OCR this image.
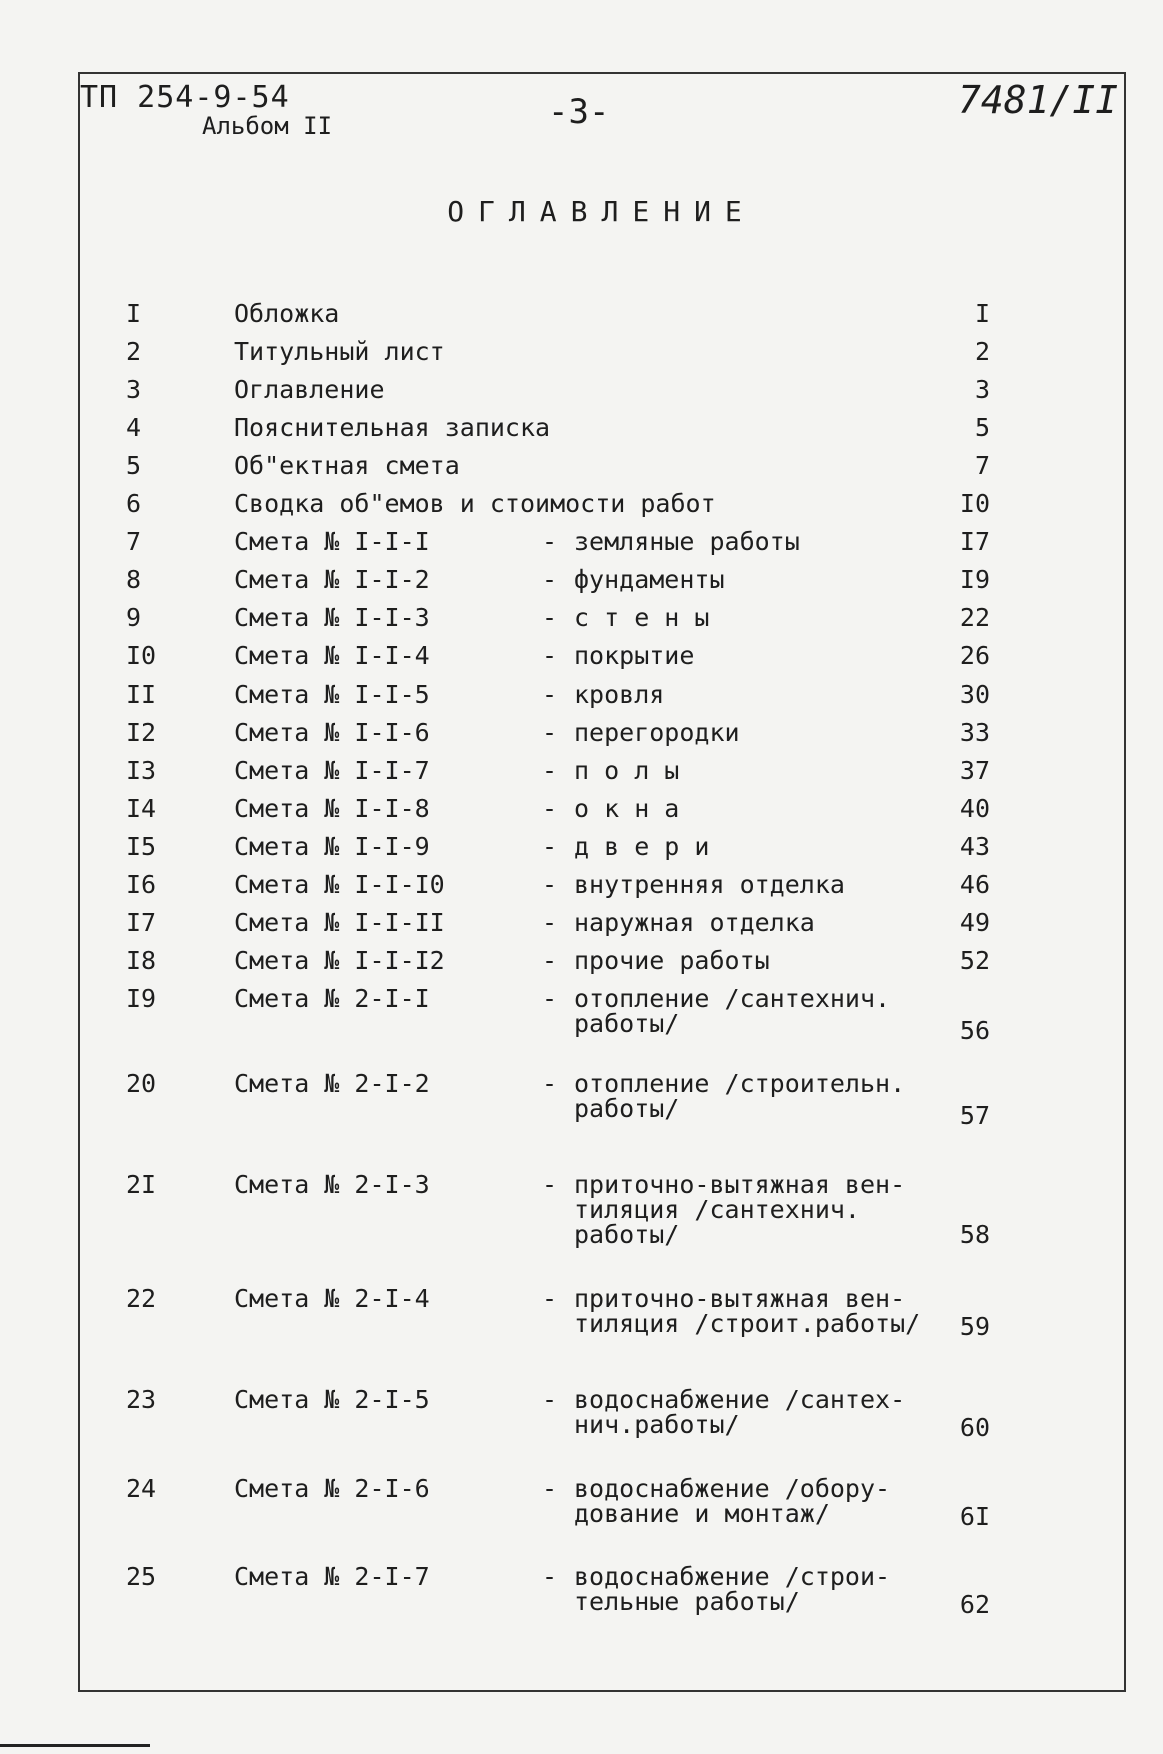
ТП 254-9-54
Альбом II	-3-	7481/II
ОГЛАВЛЕНИЕ
I	Обложка	I
2	Титульный лист	2
3	Оглавление	3
4	Пояснительная записка	5
5	Об"ектная смета	7
6	Сводка об"емов и стоимости работ	I0
7	Смета № I-I-I	- земляные работы	I7
8	Смета № I-I-2	- фундаменты	I9
9	Смета № I-I-3	- с т е н ы	22
I0	Смета № I-I-4	- покрытие	26
II	Смета № I-I-5	- кровля	30
I2	Смета № I-I-6	- перегородки	33
I3	Смета № I-I-7	- п о л ы	37
I4	Смета № I-I-8	- о к н а	40
I5	Смета № I-I-9	- д в е р и	43
I6	Смета № I-I-I0	- внутренняя отделка	46
I7	Смета № I-I-II	- наружная отделка	49
I8	Смета № I-I-I2	- прочие работы	52
I9	Смета № 2-I-I	- отопление /сантехнич.
работы/	56
20	Смета № 2-I-2	- отопление /строительн.
работы/	57
2I	Смета № 2-I-3	- приточно-вытяжная вен-
тиляция /сантехнич.
работы/	58
22	Смета № 2-I-4	- приточно-вытяжная вен-
тиляция /строит.работы/	59
23	Смета № 2-I-5	- водоснабжение /сантех-
нич.работы/	60
24	Смета № 2-I-6	- водоснабжение /обору-
дование и монтаж/	6I
25	Смета № 2-I-7	- водоснабжение /строи-
тельные работы/	62
